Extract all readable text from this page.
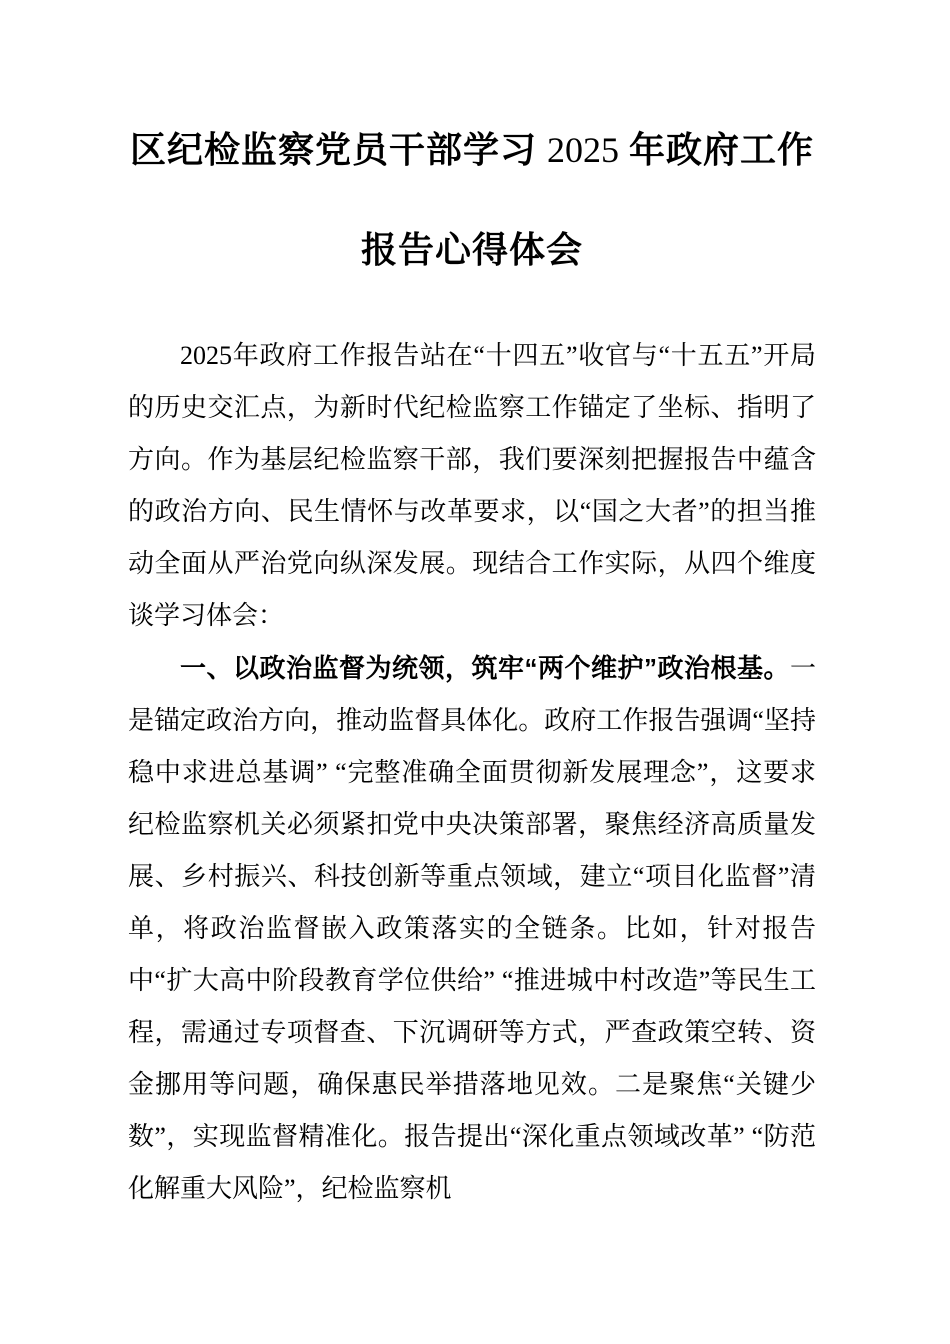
区纪检监察党员干部学习 2025 年政府工作
报告心得体会

2025年政府工作报告站在“十四五”收官与“十五五”开局的历史交汇点，为新时代纪检监察工作锚定了坐标、指明了方向。作为基层纪检监察干部，我们要深刻把握报告中蕴含的政治方向、民生情怀与改革要求，以“国之大者”的担当推动全面从严治党向纵深发展。现结合工作实际，从四个维度谈学习体会：

一、以政治监督为统领，筑牢“两个维护”政治根基。一是锚定政治方向，推动监督具体化。政府工作报告强调“坚持稳中求进总基调” “完整准确全面贯彻新发展理念”，这要求纪检监察机关必须紧扣党中央决策部署，聚焦经济高质量发展、乡村振兴、科技创新等重点领域，建立“项目化监督”清单，将政治监督嵌入政策落实的全链条。比如，针对报告中“扩大高中阶段教育学位供给” “推进城中村改造”等民生工程，需通过专项督查、下沉调研等方式，严查政策空转、资金挪用等问题，确保惠民举措落地见效。二是聚焦“关键少数”，实现监督精准化。报告提出“深化重点领域改革” “防范化解重大风险”，纪检监察机
